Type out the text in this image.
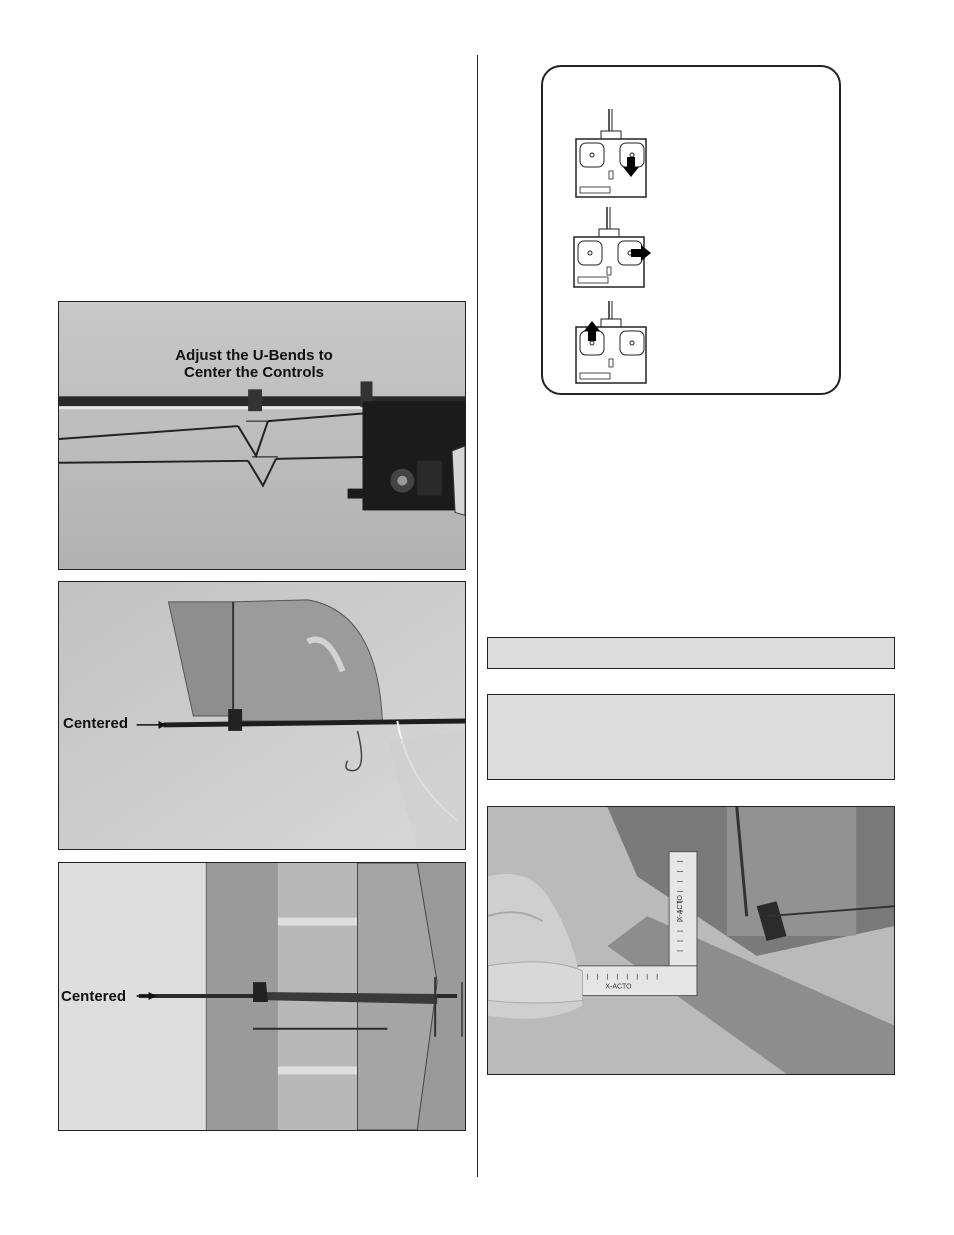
Adjust the U-Bends to
Center the Controls
Centered
Centered
X-ACTO
X-ACTO
